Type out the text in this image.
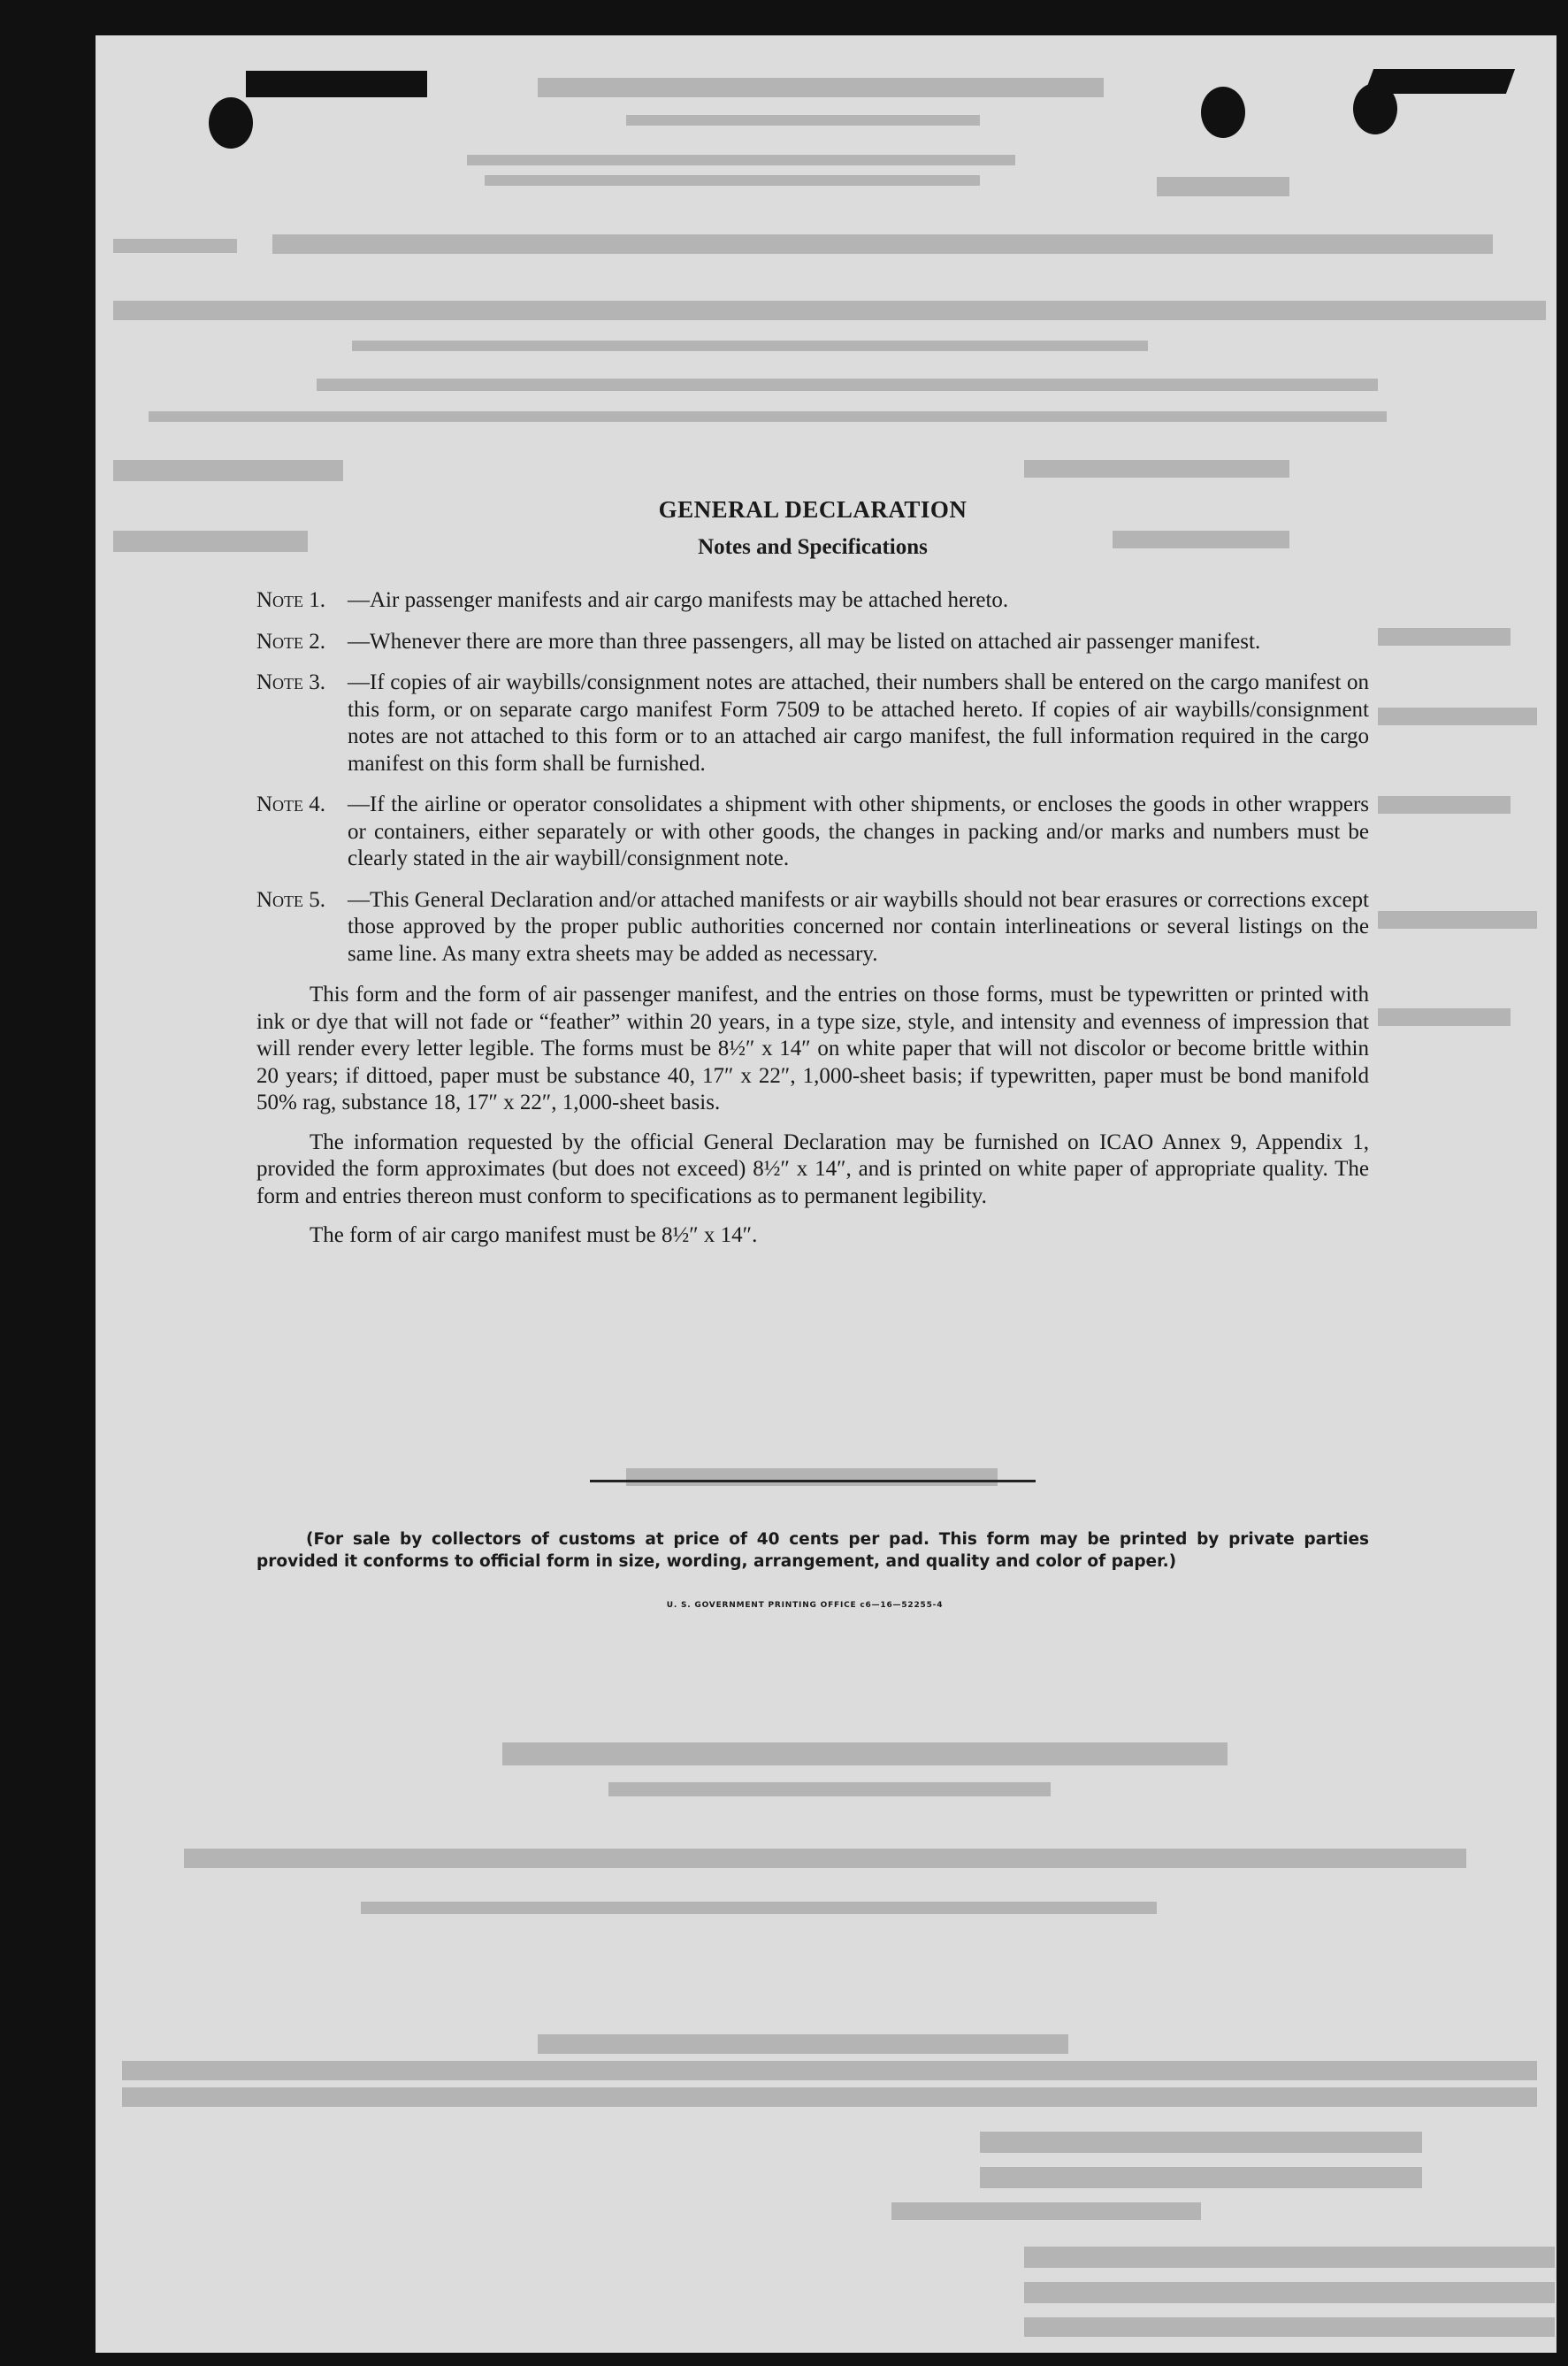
GENERAL DECLARATION
Notes and Specifications
Note 1. —Air passenger manifests and air cargo manifests may be attached hereto.
Note 2. —Whenever there are more than three passengers, all may be listed on attached air passenger manifest.
Note 3. —If copies of air waybills/consignment notes are attached, their numbers shall be entered on the cargo manifest on this form, or on separate cargo manifest Form 7509 to be attached hereto. If copies of air waybills/consignment notes are not attached to this form or to an attached air cargo manifest, the full information required in the cargo manifest on this form shall be furnished.
Note 4. —If the airline or operator consolidates a shipment with other shipments, or encloses the goods in other wrappers or containers, either separately or with other goods, the changes in packing and/or marks and numbers must be clearly stated in the air waybill/consignment note.
Note 5. —This General Declaration and/or attached manifests or air waybills should not bear erasures or corrections except those approved by the proper public authorities concerned nor contain interlineations or several listings on the same line. As many extra sheets may be added as necessary.

This form and the form of air passenger manifest, and the entries on those forms, must be typewritten or printed with ink or dye that will not fade or “feather” within 20 years, in a type size, style, and intensity and evenness of impression that will render every letter legible. The forms must be 8½″ x 14″ on white paper that will not discolor or become brittle within 20 years; if dittoed, paper must be substance 40, 17″ x 22″, 1,000-sheet basis; if typewritten, paper must be bond manifold 50% rag, substance 18, 17″ x 22″, 1,000-sheet basis.

The information requested by the official General Declaration may be furnished on ICAO Annex 9, Appendix 1, provided the form approximates (but does not exceed) 8½″ x 14″, and is printed on white paper of appropriate quality. The form and entries thereon must conform to specifications as to permanent legibility.

The form of air cargo manifest must be 8½″ x 14″.

(For sale by collectors of customs at price of 40 cents per pad. This form may be printed by private parties provided it conforms to official form in size, wording, arrangement, and quality and color of paper.)
U. S. GOVERNMENT PRINTING OFFICE c6—16—52255-4
